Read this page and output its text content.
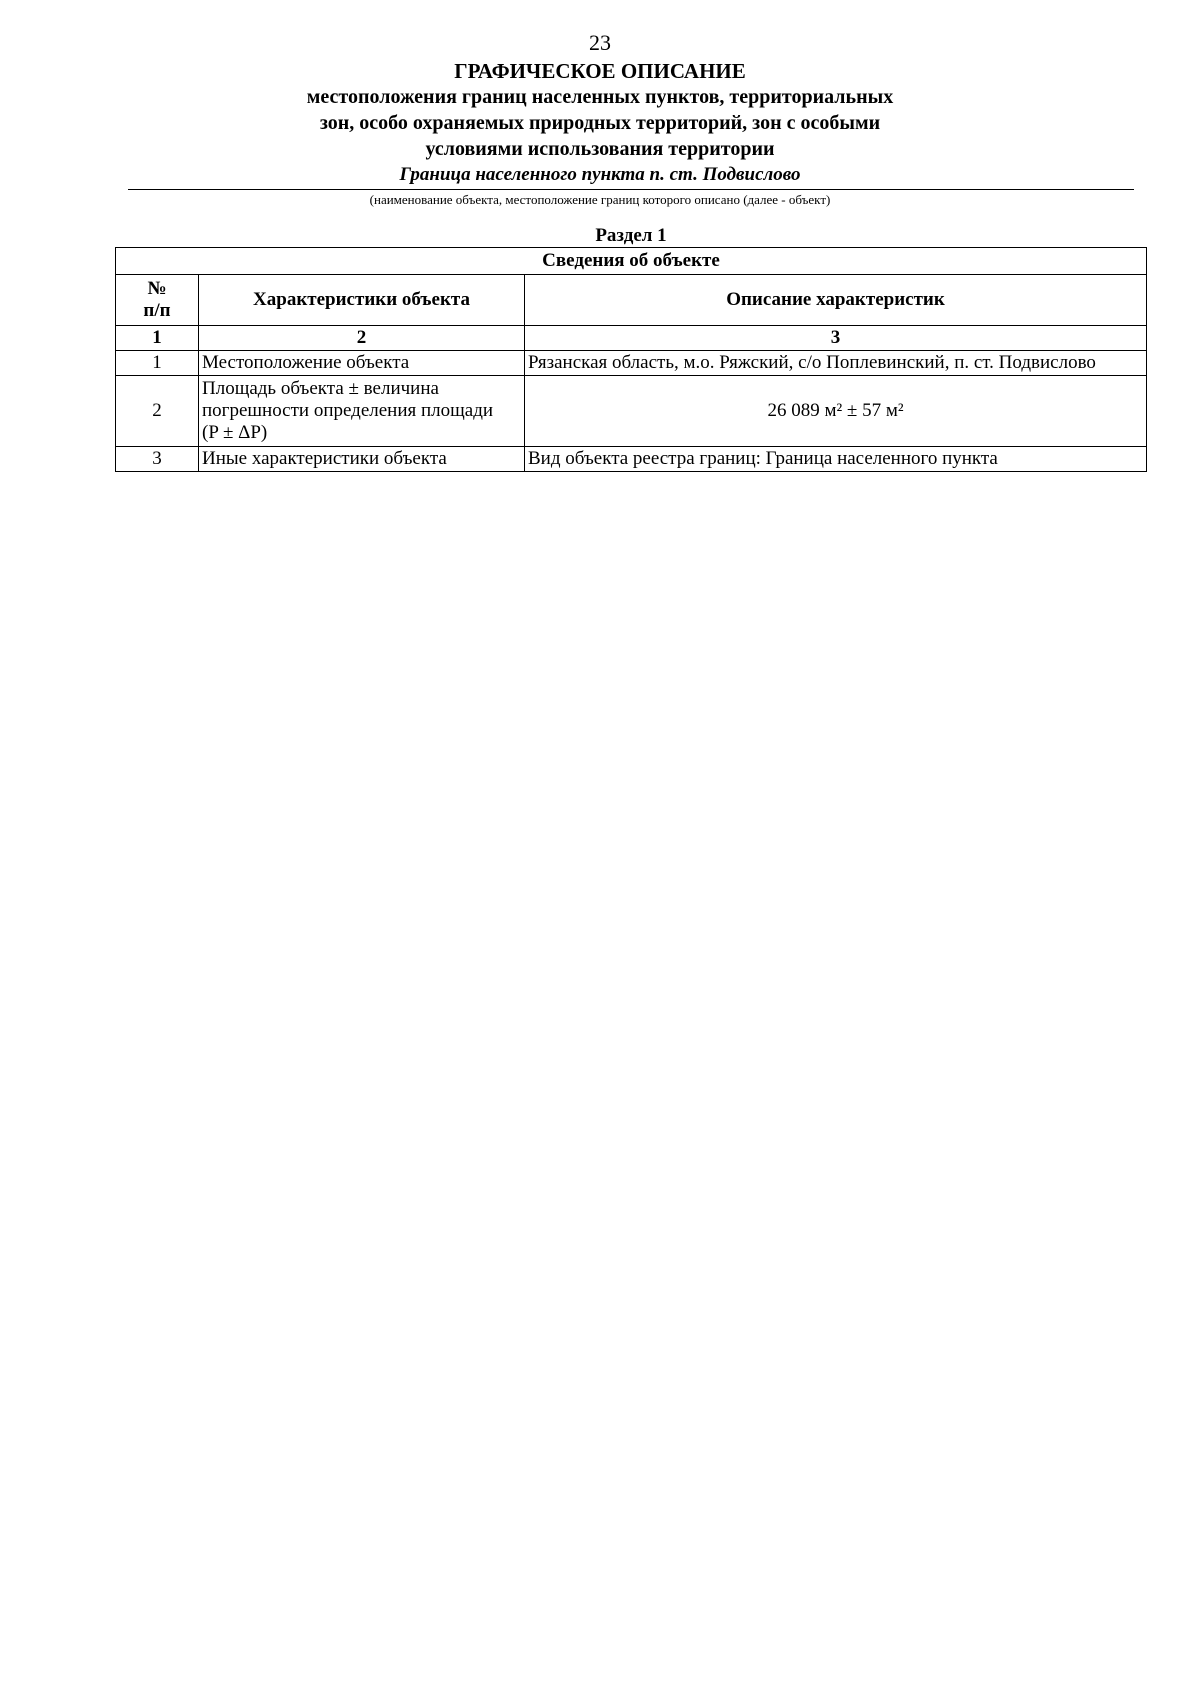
23
ГРАФИЧЕСКОЕ ОПИСАНИЕ
местоположения границ населенных пунктов, территориальных
зон, особо охраняемых природных территорий, зон с особыми
условиями использования территории
Граница населенного пункта п. ст. Подвислово
(наименование объекта, местоположение границ которого описано (далее - объект)
Раздел 1
Сведения об объекте		

№
п/п	Характеристики объекта	Описание характеристик
1	2	3
1	Местоположение объекта	Рязанская область, м.о. Ряжский, с/о Поплевинский, п. ст. Подвислово
2	Площадь объекта ± величина
погрешности определения площади
(P ± ΔP)	26 089 м² ± 57 м²
3	Иные характеристики объекта	Вид объекта реестра границ: Граница населенного пункта
